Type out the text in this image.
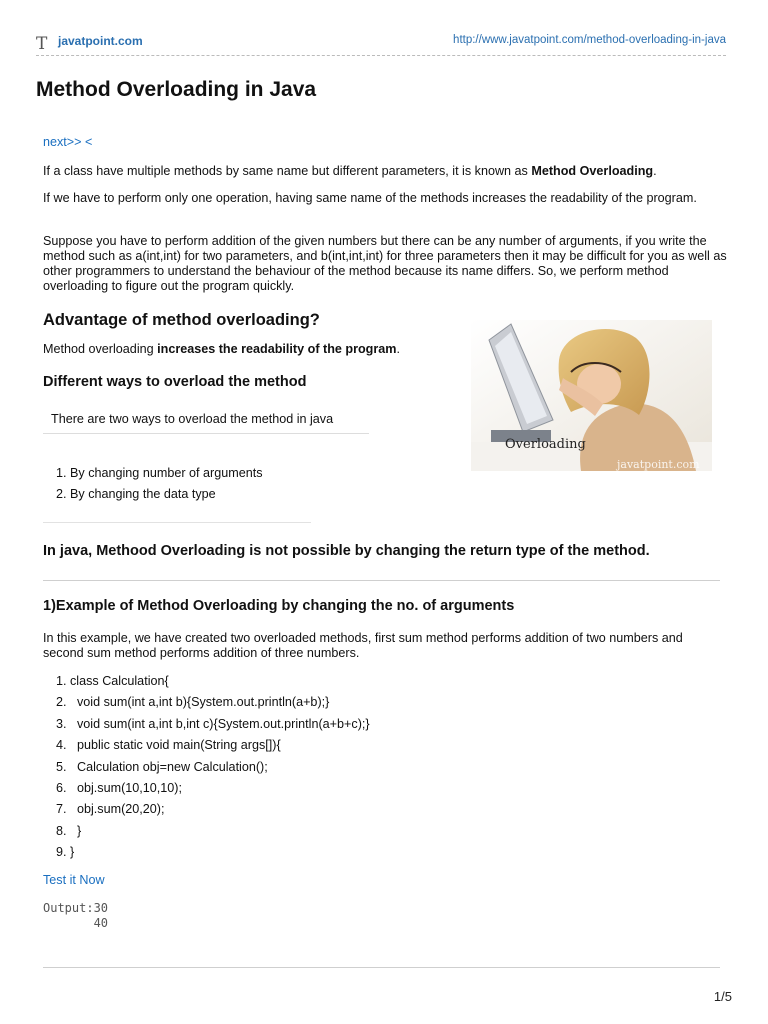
T javatpoint.com	http://www.javatpoint.com/method-overloading-in-java
Method Overloading in Java

next>> <

If a class have multiple methods by same name but different parameters, it is known as Method Overloading.

If we have to perform only one operation, having same name of the methods increases the readability of the program.

Suppose you have to perform addition of the given numbers but there can be any number of arguments, if you write the method such as a(int,int) for two parameters, and b(int,int,int) for three parameters then it may be difficult for you as well as other programmers to understand the behaviour of the method because its name differs. So, we perform method overloading to figure out the program quickly.

Advantage of method overloading?

Method overloading increases the readability of the program.

Different ways to overload the method
There are two ways to overload the method in java
1. By changing number of arguments
2. By changing the data type
Overloading
javatpoint.com
In java, Methood Overloading is not possible by changing the return type of the method.
1)Example of Method Overloading by changing the no. of arguments

In this example, we have created two overloaded methods, first sum method performs addition of two numbers and second sum method performs addition of three numbers.

1. class Calculation{
2.   void sum(int a,int b){System.out.println(a+b);}
3.   void sum(int a,int b,int c){System.out.println(a+b+c);}
4.   public static void main(String args[]){
5.   Calculation obj=new Calculation();
6.   obj.sum(10,10,10);
7.   obj.sum(20,20);
8.   }
9. }
Test it Now
Output:30
40
1/5
